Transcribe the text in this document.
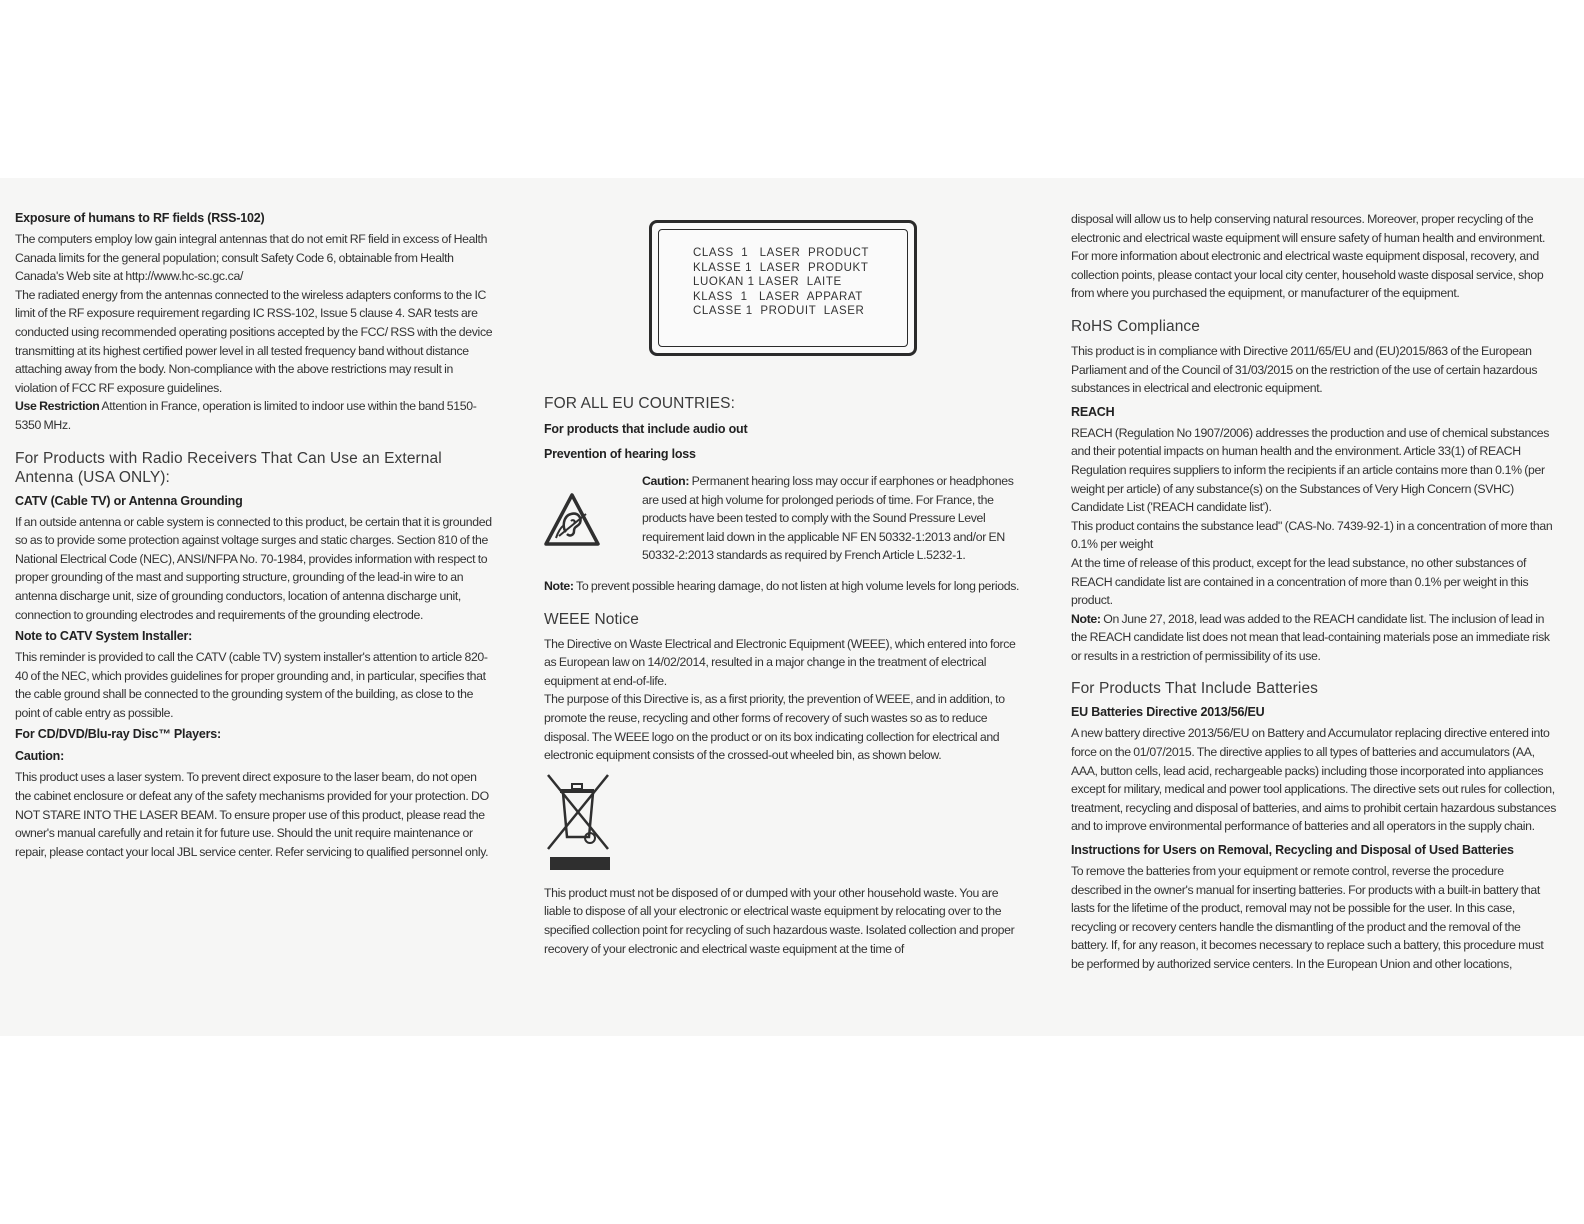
Exposure of humans to RF fields (RSS-102)

The computers employ low gain integral antennas that do not emit RF field in excess of Health Canada limits for the general population; consult Safety Code 6, obtainable from Health Canada's Web site at http://www.hc-sc.gc.ca/

The radiated energy from the antennas connected to the wireless adapters conforms to the IC limit of the RF exposure requirement regarding IC RSS-102, Issue 5 clause 4. SAR tests are conducted using recommended operating positions accepted by the FCC/ RSS with the device transmitting at its highest certified power level in all tested frequency band without distance attaching away from the body. Non-compliance with the above restrictions may result in violation of FCC RF exposure guidelines.

Use Restriction Attention in France, operation is limited to indoor use within the band 5150-5350 MHz.

For Products with Radio Receivers That Can Use an External Antenna (USA ONLY):

CATV (Cable TV) or Antenna Grounding

If an outside antenna or cable system is connected to this product, be certain that it is grounded so as to provide some protection against voltage surges and static charges. Section 810 of the National Electrical Code (NEC), ANSI/NFPA No. 70-1984, provides information with respect to proper grounding of the mast and supporting structure, grounding of the lead-in wire to an antenna discharge unit, size of grounding conductors, location of antenna discharge unit, connection to grounding electrodes and requirements of the grounding electrode.

Note to CATV System Installer:

This reminder is provided to call the CATV (cable TV) system installer's attention to article 820-40 of the NEC, which provides guidelines for proper grounding and, in particular, specifies that the cable ground shall be connected to the grounding system of the building, as close to the point of cable entry as possible.

For CD/DVD/Blu-ray Disc™ Players:

Caution:

This product uses a laser system. To prevent direct exposure to the laser beam, do not open the cabinet enclosure or defeat any of the safety mechanisms provided for your protection. DO NOT STARE INTO THE LASER BEAM. To ensure proper use of this product, please read the owner's manual carefully and retain it for future use. Should the unit require maintenance or repair, please contact your local JBL service center. Refer servicing to qualified personnel only.

CLASS  1   LASER  PRODUCT

KLASSE 1  LASER  PRODUKT

LUOKAN 1 LASER  LAITE

KLASS  1   LASER  APPARAT

CLASSE 1  PRODUIT  LASER

FOR ALL EU COUNTRIES:

For products that include audio out

Prevention of hearing loss

Caution: Permanent hearing loss may occur if earphones or headphones are used at high volume for prolonged periods of time. For France, the products have been tested to comply with the Sound Pressure Level requirement laid down in the applicable NF EN 50332-1:2013 and/or EN 50332-2:2013 standards as required by French Article L.5232-1.

Note: To prevent possible hearing damage, do not listen at high volume levels for long periods.

WEEE Notice

The Directive on Waste Electrical and Electronic Equipment (WEEE), which entered into force as European law on 14/02/2014, resulted in a major change in the treatment of electrical equipment at end-of-life.

The purpose of this Directive is, as a first priority, the prevention of WEEE, and in addition, to promote the reuse, recycling and other forms of recovery of such wastes so as to reduce disposal. The WEEE logo on the product or on its box indicating collection for electrical and electronic equipment consists of the crossed-out wheeled bin, as shown below.

This product must not be disposed of or dumped with your other household waste. You are liable to dispose of all your electronic or electrical waste equipment by relocating over to the specified collection point for recycling of such hazardous waste. Isolated collection and proper recovery of your electronic and electrical waste equipment at the time of

disposal will allow us to help conserving natural resources. Moreover, proper recycling of the electronic and electrical waste equipment will ensure safety of human health and environment. For more information about electronic and electrical waste equipment disposal, recovery, and collection points, please contact your local city center, household waste disposal service, shop from where you purchased the equipment, or manufacturer of the equipment.

RoHS Compliance

This product is in compliance with Directive 2011/65/EU and (EU)2015/863 of the European Parliament and of the Council of 31/03/2015 on the restriction of the use of certain hazardous substances in electrical and electronic equipment.

REACH

REACH (Regulation No 1907/2006) addresses the production and use of chemical substances and their potential impacts on human health and the environment. Article 33(1) of REACH Regulation requires suppliers to inform the recipients if an article contains more than 0.1% (per weight per article) of any substance(s) on the Substances of Very High Concern (SVHC) Candidate List ('REACH candidate list').

This product contains the substance lead" (CAS-No. 7439-92-1) in a concentration of more than 0.1% per weight

At the time of release of this product, except for the lead substance, no other substances of REACH candidate list are contained in a concentration of more than 0.1% per weight in this product.

Note: On June 27, 2018, lead was added to the REACH candidate list. The inclusion of lead in the REACH candidate list does not mean that lead-containing materials pose an immediate risk or results in a restriction of permissibility of its use.

For Products That Include Batteries

EU Batteries Directive 2013/56/EU

A new battery directive 2013/56/EU on Battery and Accumulator replacing directive entered into force on the 01/07/2015. The directive applies to all types of batteries and accumulators (AA, AAA, button cells, lead acid, rechargeable packs) including those incorporated into appliances except for military, medical and power tool applications. The directive sets out rules for collection, treatment, recycling and disposal of batteries, and aims to prohibit certain hazardous substances and to improve environmental performance of batteries and all operators in the supply chain.

Instructions for Users on Removal, Recycling and Disposal of Used Batteries

To remove the batteries from your equipment or remote control, reverse the procedure described in the owner's manual for inserting batteries. For products with a built-in battery that lasts for the lifetime of the product, removal may not be possible for the user. In this case, recycling or recovery centers handle the dismantling of the product and the removal of the battery. If, for any reason, it becomes necessary to replace such a battery, this procedure must be performed by authorized service centers. In the European Union and other locations,
